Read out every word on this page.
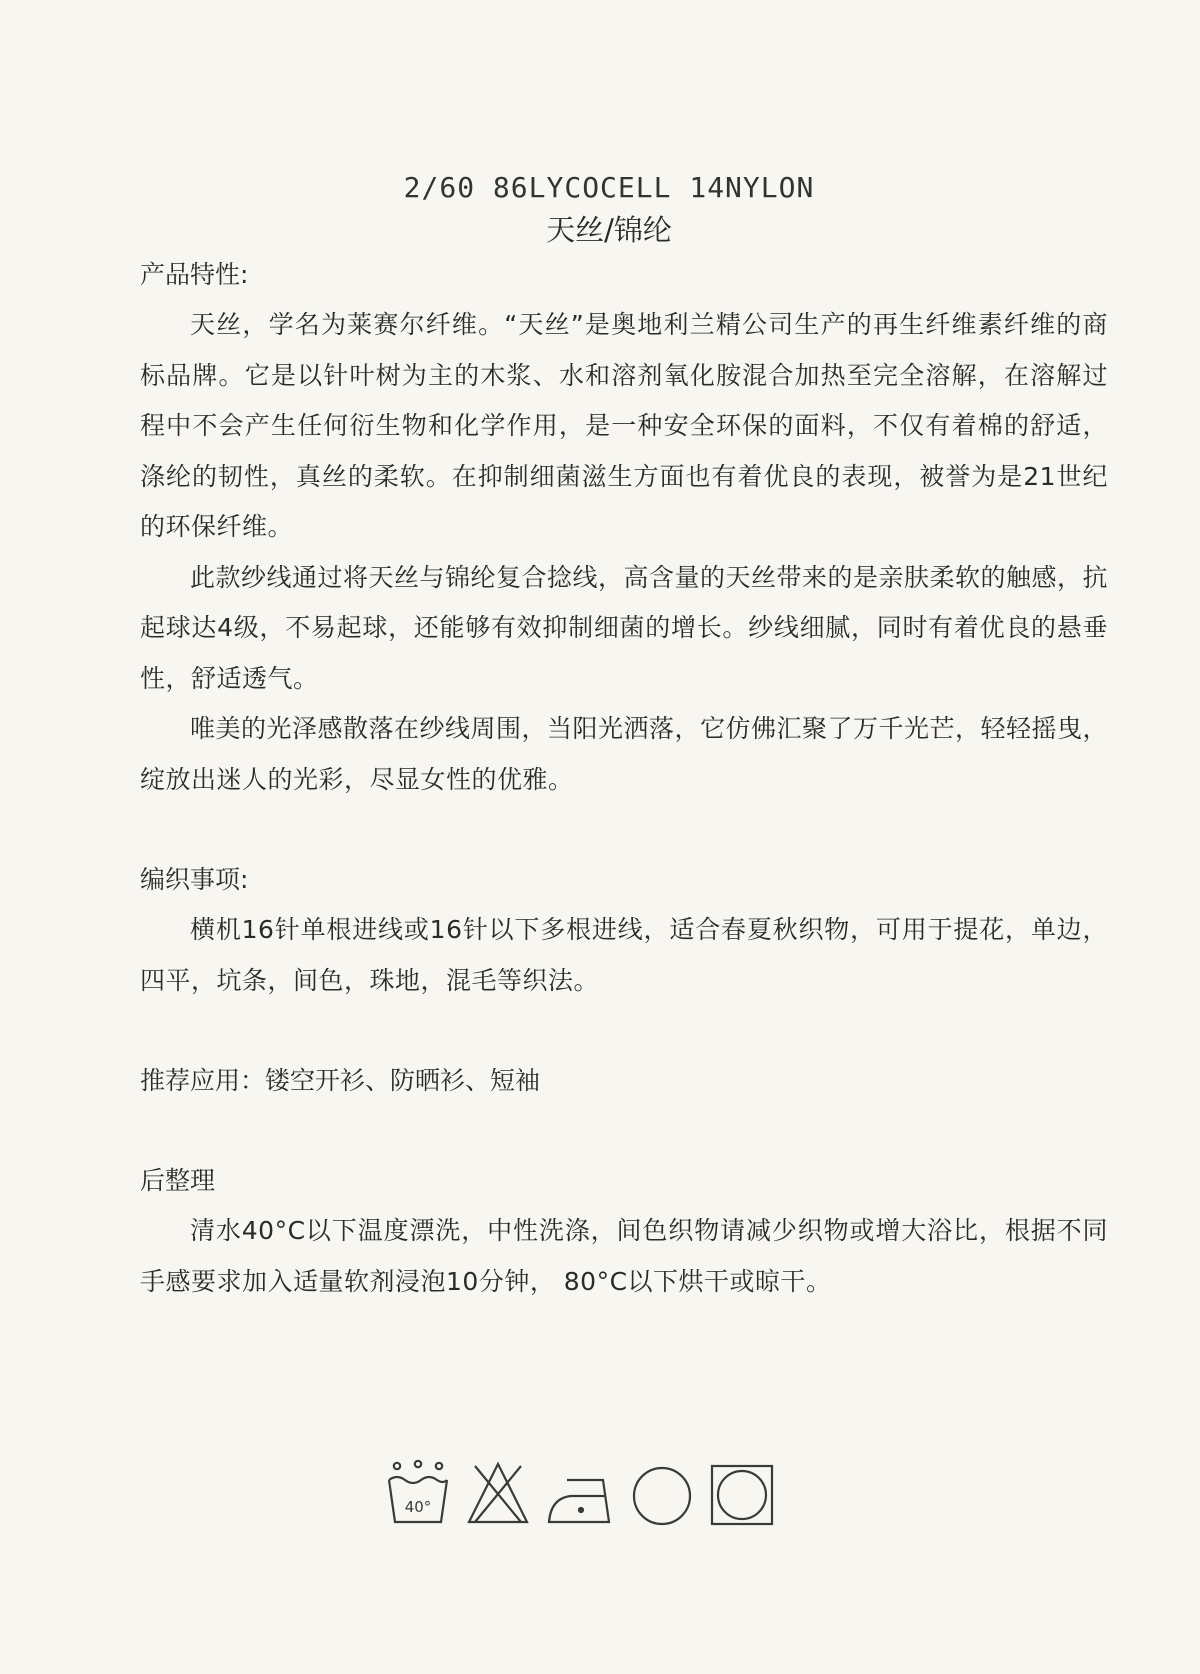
2/60 86LYCOCELL 14NYLON
天丝/锦纶

产品特性:

天丝，学名为莱赛尔纤维。“天丝”是奥地利兰精公司生产的再生纤维素纤维的商标品牌。它是以针叶树为主的木浆、水和溶剂氧化胺混合加热至完全溶解，在溶解过程中不会产生任何衍生物和化学作用，是一种安全环保的面料，不仅有着棉的舒适，涤纶的韧性，真丝的柔软。在抑制细菌滋生方面也有着优良的表现，被誉为是21世纪的环保纤维。

此款纱线通过将天丝与锦纶复合捻线，高含量的天丝带来的是亲肤柔软的触感，抗起球达4级，不易起球，还能够有效抑制细菌的增长。纱线细腻，同时有着优良的悬垂性，舒适透气。

唯美的光泽感散落在纱线周围，当阳光洒落，它仿佛汇聚了万千光芒，轻轻摇曳，绽放出迷人的光彩，尽显女性的优雅。

编织事项:

横机16针单根进线或16针以下多根进线，适合春夏秋织物，可用于提花，单边，四平，坑条，间色，珠地，混毛等织法。

推荐应用：镂空开衫、防晒衫、短袖

后整理

清水40°C以下温度漂洗，中性洗涤，间色织物请减少织物或增大浴比，根据不同手感要求加入适量软剂浸泡10分钟， 80°C以下烘干或晾干。

40°
